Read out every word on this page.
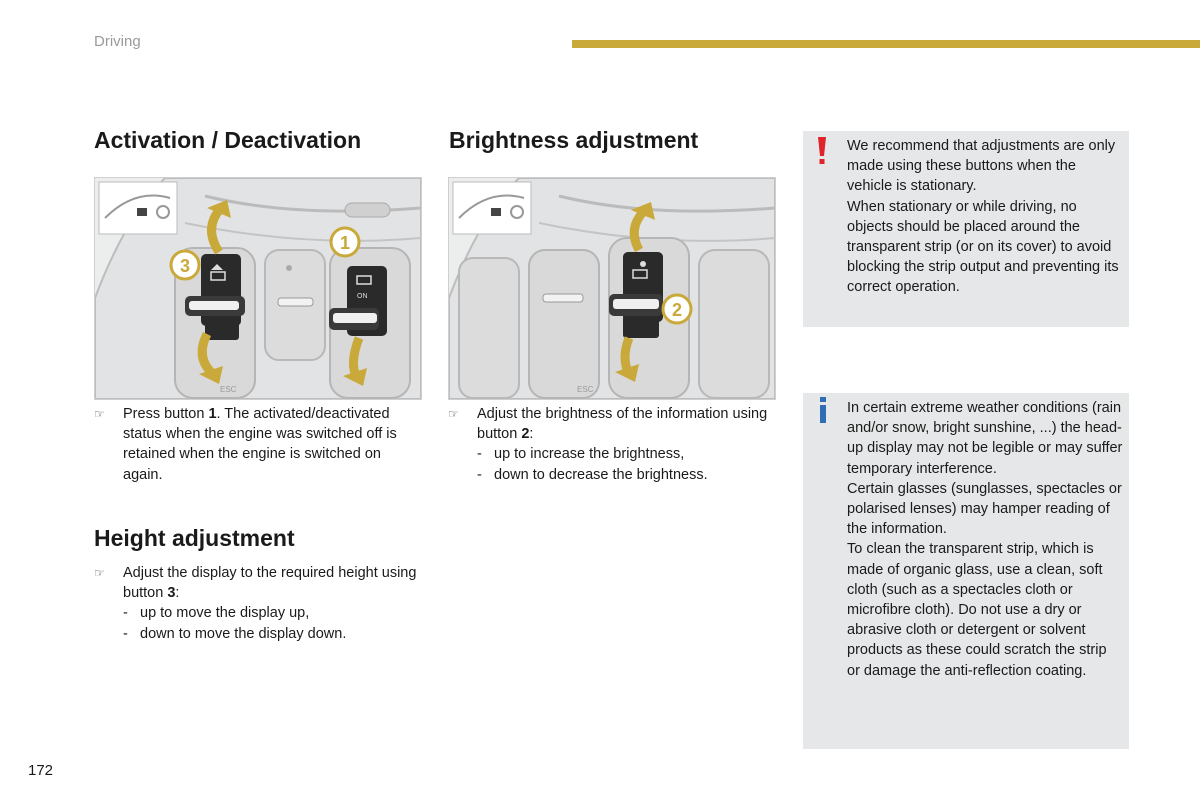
Driving
Activation / Deactivation
ON
ESC
1
3
☞ Press button 1. The activated/deactivated status when the engine was switched off is retained when the engine is switched on again.
Height adjustment
☞ Adjust the display to the required height using button 3:
- up to move the display up,
- down to move the display down.
Brightness adjustment
ESC
2
☞ Adjust the brightness of the information using button 2:
- up to increase the brightness,
- down to decrease the brightness.

We recommend that adjustments are only made using these buttons when the vehicle is stationary.

When stationary or while driving, no objects should be placed around the transparent strip (or on its cover) to avoid blocking the strip output and preventing its correct operation.

In certain extreme weather conditions (rain and/or snow, bright sunshine, ...) the head-up display may not be legible or may suffer temporary interference.

Certain glasses (sunglasses, spectacles or polarised lenses) may hamper reading of the information.

To clean the transparent strip, which is made of organic glass, use a clean, soft cloth (such as a spectacles cloth or microfibre cloth). Do not use a dry or abrasive cloth or detergent or solvent products as these could scratch the strip or damage the anti-reflection coating.

172
